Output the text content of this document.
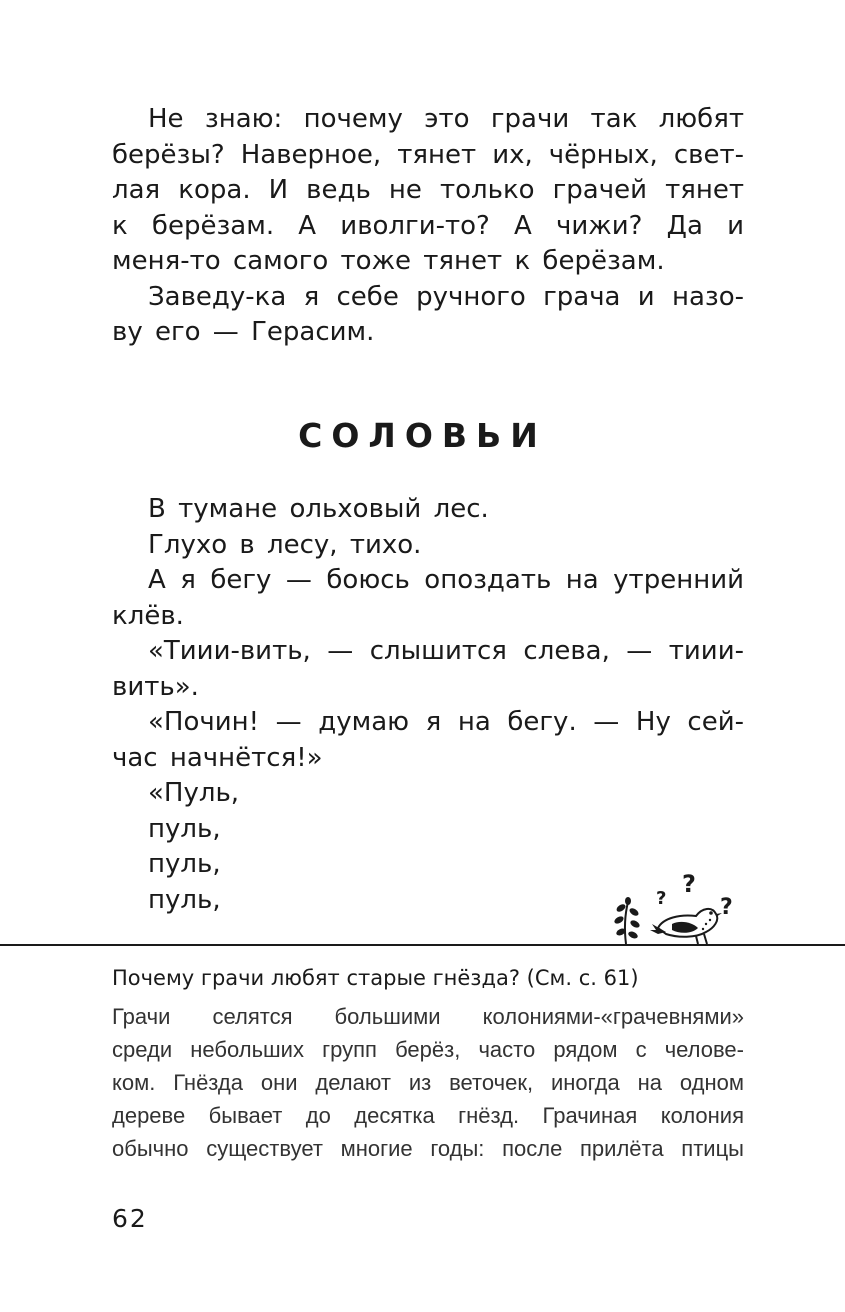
Не знаю: почему это грачи так любят
берёзы? Наверное, тянет их, чёрных, свет-
лая кора. И ведь не только грачей тянет
к берёзам. А иволги-то? А чижи? Да и
меня-то самого тоже тянет к берёзам.
Заведу-ка я себе ручного грача и назо-
ву его — Герасим.
СОЛОВЬИ
В тумане ольховый лес.
Глухо в лесу, тихо.
А я бегу — боюсь опоздать на утренний
клёв.
«Тиии-вить, — слышится слева, — тиии-
вить».
«Почин! — думаю я на бегу. — Ну сей-
час начнётся!»
«Пуль,
пуль,
пуль,
пуль,	?
?
?
Почему грачи любят старые гнёзда? (См. с. 61)
Грачи селятся большими колониями-«грачевнями»
среди небольших групп берёз, часто рядом с челове-
ком. Гнёзда они делают из веточек, иногда на одном
дереве бывает до десятка гнёзд. Грачиная колония
обычно существует многие годы: после прилёта птицы
62
